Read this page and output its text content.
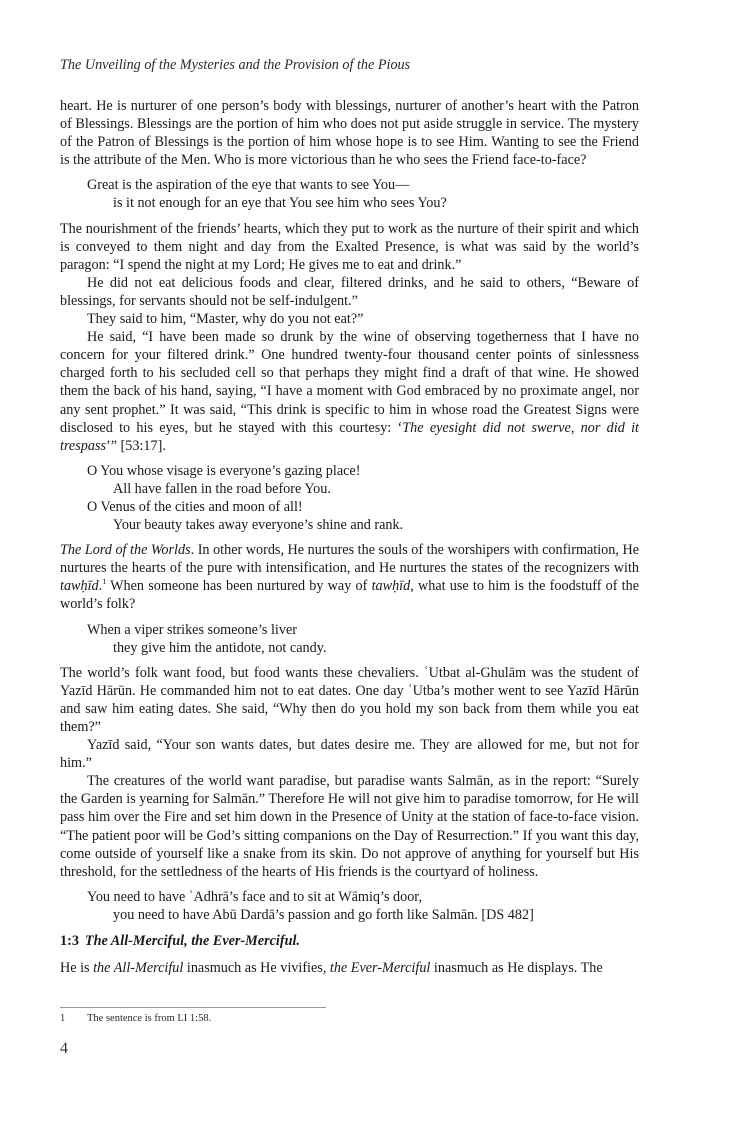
The Unveiling of the Mysteries and the Provision of the Pious

heart. He is nurturer of one person’s body with blessings, nurturer of another’s heart with the Patron of Blessings. Blessings are the portion of him who does not put aside struggle in service. The mystery of the Patron of Blessings is the portion of him whose hope is to see Him. Wanting to see the Friend is the attribute of the Men. Who is more victorious than he who sees the Friend face-to-face?

Great is the aspiration of the eye that wants to see You—
is it not enough for an eye that You see him who sees You?

The nourishment of the friends’ hearts, which they put to work as the nurture of their spirit and which is conveyed to them night and day from the Exalted Presence, is what was said by the world’s paragon: “I spend the night at my Lord; He gives me to eat and drink.”

He did not eat delicious foods and clear, filtered drinks, and he said to others, “Beware of blessings, for servants should not be self-indulgent.”

They said to him, “Master, why do you not eat?”

He said, “I have been made so drunk by the wine of observing togetherness that I have no concern for your filtered drink.” One hundred twenty-four thousand center points of sinlessness charged forth to his secluded cell so that perhaps they might find a draft of that wine. He showed them the back of his hand, saying, “I have a moment with God embraced by no proximate angel, nor any sent prophet.” It was said, “This drink is specific to him in whose road the Greatest Signs were disclosed to his eyes, but he stayed with this courtesy: ‘The eyesight did not swerve, nor did it trespass’” [53:17].

O You whose visage is everyone’s gazing place!
All have fallen in the road before You.
O Venus of the cities and moon of all!
Your beauty takes away everyone’s shine and rank.

The Lord of the Worlds. In other words, He nurtures the souls of the worshipers with confirmation, He nurtures the hearts of the pure with intensification, and He nurtures the states of the recognizers with tawḥīd.$^1$ When someone has been nurtured by way of tawḥīd, what use to him is the foodstuff of the world’s folk?

When a viper strikes someone’s liver
they give him the antidote, not candy.

The world’s folk want food, but food wants these chevaliers. ʿUtbat al-Ghulām was the student of Yazīd Hārūn. He commanded him not to eat dates. One day ʿUtba’s mother went to see Yazīd Hārūn and saw him eating dates. She said, “Why then do you hold my son back from them while you eat them?”

Yazīd said, “Your son wants dates, but dates desire me. They are allowed for me, but not for him.”

The creatures of the world want paradise, but paradise wants Salmān, as in the report: “Surely the Garden is yearning for Salmān.” Therefore He will not give him to paradise tomorrow, for He will pass him over the Fire and set him down in the Presence of Unity at the station of face-to-face vision. “The patient poor will be God’s sitting companions on the Day of Resurrection.” If you want this day, come outside of yourself like a snake from its skin. Do not approve of anything for yourself but His threshold, for the settledness of the hearts of His friends is the courtyard of holiness.

You need to have ʿAdhrā’s face and to sit at Wāmiq’s door,
you need to have Abū Dardā’s passion and go forth like Salmān. [DS 482]
1:3 The All-Merciful, the Ever-Merciful.

He is the All-Merciful inasmuch as He vivifies, the Ever-Merciful inasmuch as He displays. The

1 The sentence is from LI 1:58.
4
